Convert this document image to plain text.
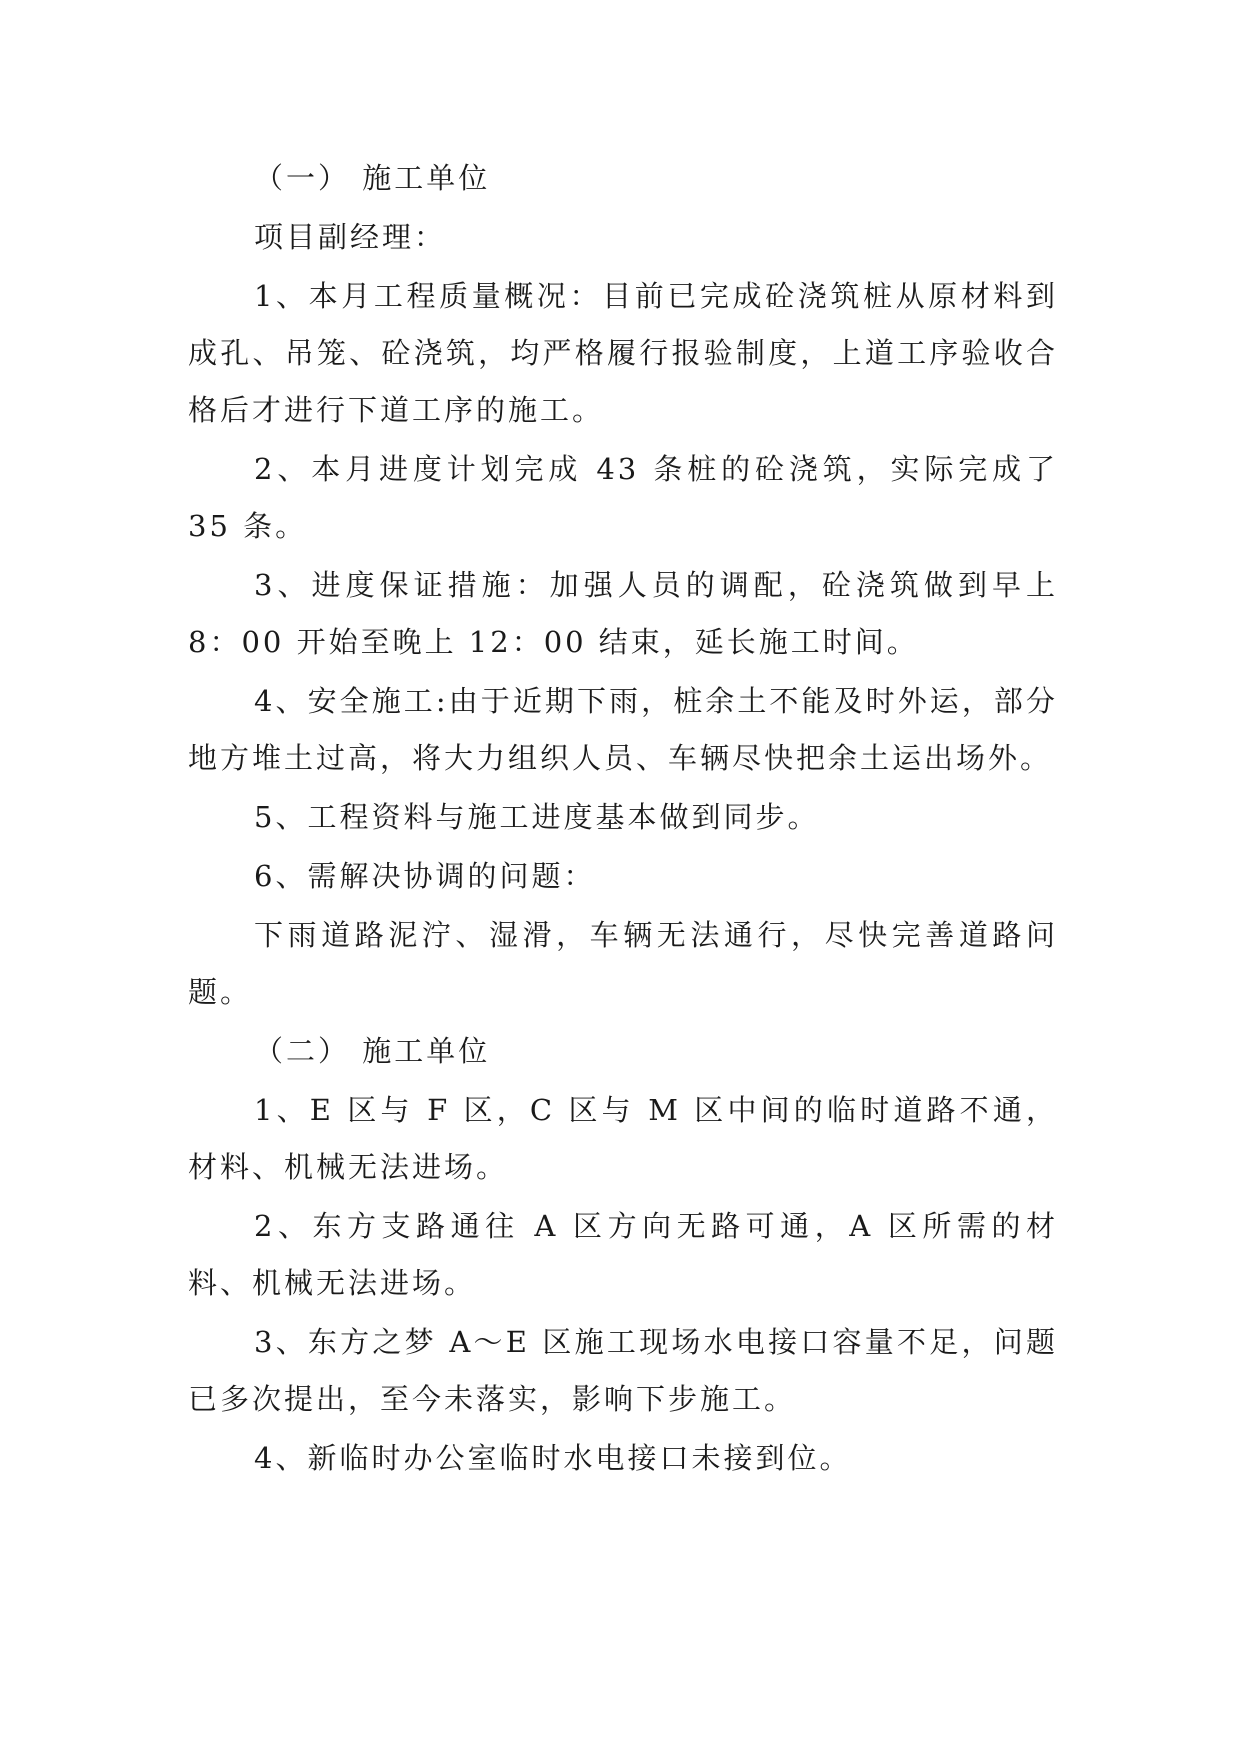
（一） 施工单位

项目副经理：

1、本月工程质量概况：目前已完成砼浇筑桩从原材料到成孔、吊笼、砼浇筑，均严格履行报验制度，上道工序验收合格后才进行下道工序的施工。

2、本月进度计划完成 43 条桩的砼浇筑，实际完成了 35 条。

3、进度保证措施：加强人员的调配，砼浇筑做到早上 8：00 开始至晚上 12：00 结束，延长施工时间。

4、安全施工:由于近期下雨，桩余土不能及时外运，部分地方堆土过高，将大力组织人员、车辆尽快把余土运出场外。

5、工程资料与施工进度基本做到同步。

6、需解决协调的问题：

下雨道路泥泞、湿滑，车辆无法通行，尽快完善道路问题。

（二） 施工单位

1、E 区与 F 区，C 区与 M 区中间的临时道路不通，材料、机械无法进场。

2、东方支路通往 A 区方向无路可通，A 区所需的材料、机械无法进场。

3、东方之梦 A～E 区施工现场水电接口容量不足，问题已多次提出，至今未落实，影响下步施工。

4、新临时办公室临时水电接口未接到位。
